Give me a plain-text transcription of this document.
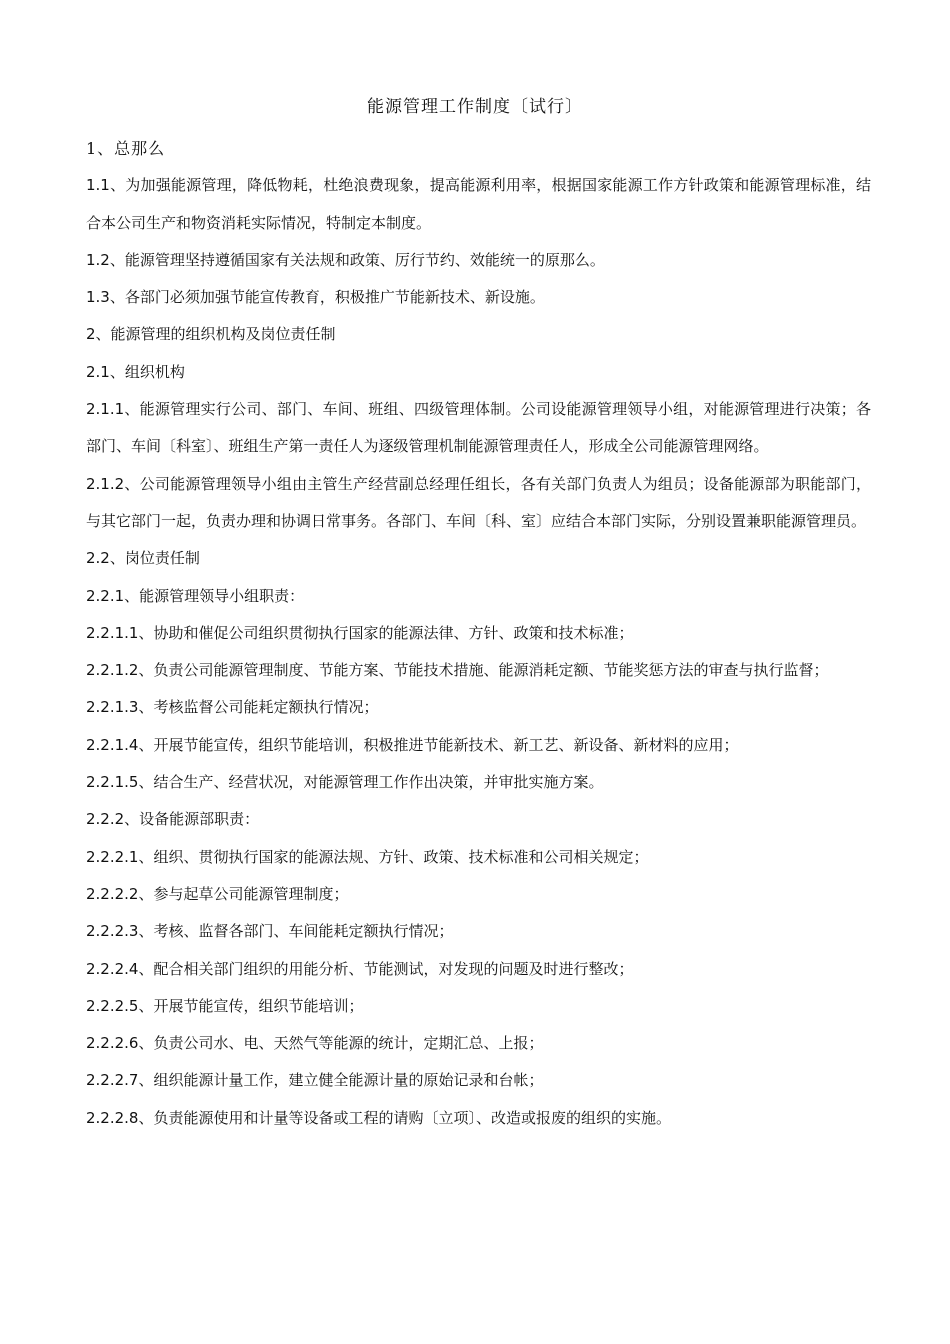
能源管理工作制度〔试行〕

1、总那么

1.1、为加强能源管理，降低物耗，杜绝浪费现象，提高能源利用率，根据国家能源工作方针政策和能源管理标准，结合本公司生产和物资消耗实际情况，特制定本制度。

1.2、能源管理坚持遵循国家有关法规和政策、厉行节约、效能统一的原那么。

1.3、各部门必须加强节能宣传教育，积极推广节能新技术、新设施。

2、能源管理的组织机构及岗位责任制

2.1、组织机构

2.1.1、能源管理实行公司、部门、车间、班组、四级管理体制。公司设能源管理领导小组，对能源管理进行决策；各部门、车间〔科室〕、班组生产第一责任人为逐级管理机制能源管理责任人，形成全公司能源管理网络。

2.1.2、公司能源管理领导小组由主管生产经营副总经理任组长，各有关部门负责人为组员；设备能源部为职能部门，与其它部门一起，负责办理和协调日常事务。各部门、车间〔科、室〕应结合本部门实际，分别设置兼职能源管理员。

2.2、岗位责任制

2.2.1、能源管理领导小组职责：

2.2.1.1、协助和催促公司组织贯彻执行国家的能源法律、方针、政策和技术标准；

2.2.1.2、负责公司能源管理制度、节能方案、节能技术措施、能源消耗定额、节能奖惩方法的审查与执行监督；

2.2.1.3、考核监督公司能耗定额执行情况；

2.2.1.4、开展节能宣传，组织节能培训，积极推进节能新技术、新工艺、新设备、新材料的应用；

2.2.1.5、结合生产、经营状况，对能源管理工作作出决策，并审批实施方案。

2.2.2、设备能源部职责：

2.2.2.1、组织、贯彻执行国家的能源法规、方针、政策、技术标准和公司相关规定；

2.2.2.2、参与起草公司能源管理制度；

2.2.2.3、考核、监督各部门、车间能耗定额执行情况；

2.2.2.4、配合相关部门组织的用能分析、节能测试，对发现的问题及时进行整改；

2.2.2.5、开展节能宣传，组织节能培训；

2.2.2.6、负责公司水、电、天然气等能源的统计，定期汇总、上报；

2.2.2.7、组织能源计量工作，建立健全能源计量的原始记录和台帐；

2.2.2.8、负责能源使用和计量等设备或工程的请购〔立项〕、改造或报废的组织的实施。
